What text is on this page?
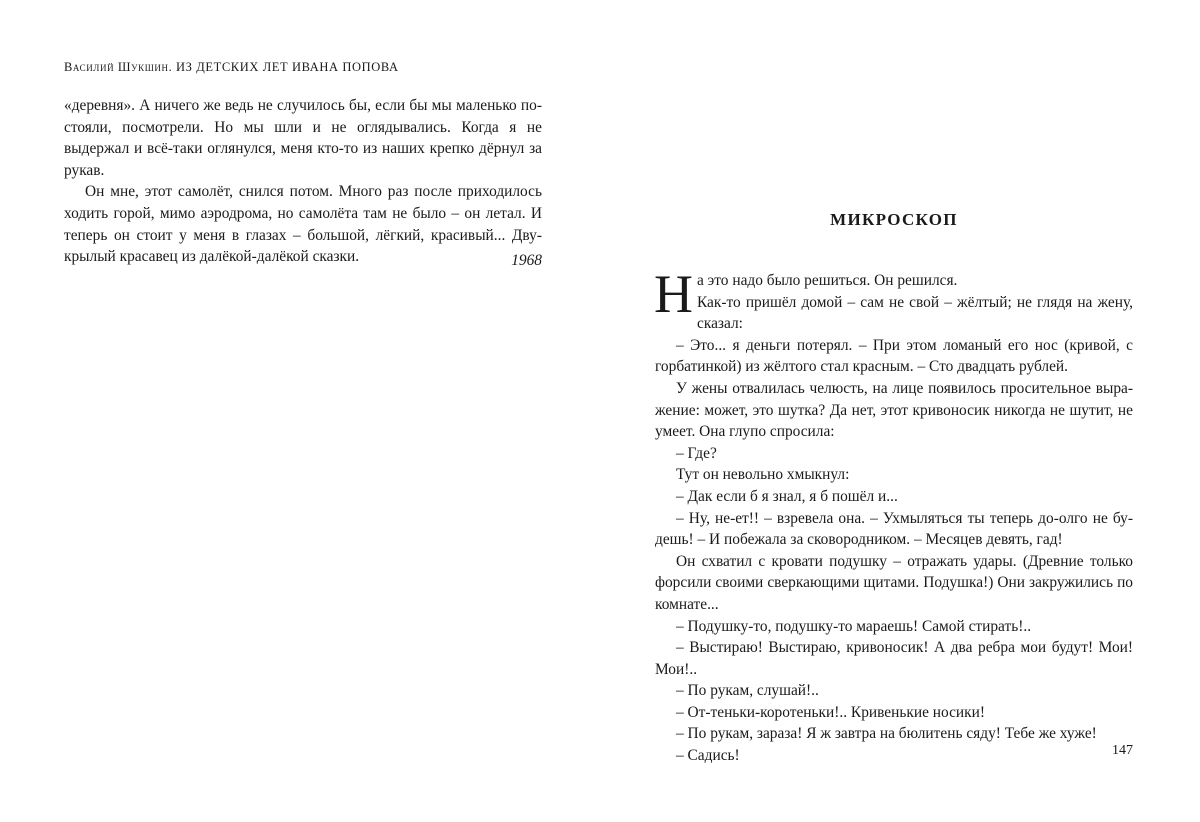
Василий Шукшин. ИЗ ДЕТСКИХ ЛЕТ ИВАНА ПОПОВА

«деревня». А ничего же ведь не случилось бы, если бы мы маленько постояли, посмотрели. Но мы шли и не оглядывались. Когда я не выдержал и всё-таки оглянулся, меня кто-то из наших крепко дёрнул за рукав.

Он мне, этот самолёт, снился потом. Много раз после приходилось ходить горой, мимо аэродрома, но самолёта там не было – он летал. И теперь он стоит у меня в глазах – большой, лёгкий, красивый... Двукрылый красавец из далёкой-далёкой сказки.	1968
МИКРОСКОП

На это надо было решиться. Он решился.

Как-то пришёл домой – сам не свой – жёлтый; не глядя на жену, сказал:

– Это... я деньги потерял. – При этом ломаный его нос (кривой, с горбатинкой) из жёлтого стал красным. – Сто двадцать рублей.

У жены отвалилась челюсть, на лице появилось просительное выражение: может, это шутка? Да нет, этот кривоносик никогда не шутит, не умеет. Она глупо спросила:

– Где?

Тут он невольно хмыкнул:

– Дак если б я знал, я б пошёл и...

– Ну, не-ет!! – взревела она. – Ухмыляться ты теперь до-олго не будешь! – И побежала за сковородником. – Месяцев девять, гад!

Он схватил с кровати подушку – отражать удары. (Древние только форсили своими сверкающими щитами. Подушка!) Они закружились по комнате...

– Подушку-то, подушку-то мараешь! Самой стирать!..

– Выстираю! Выстираю, кривоносик! А два ребра мои будут! Мои! Мои!..

– По рукам, слушай!..

– От-теньки-коротеньки!.. Кривенькие носики!

– По рукам, зараза! Я ж завтра на бюлитень сяду! Тебе же хуже!

– Садись!	147
